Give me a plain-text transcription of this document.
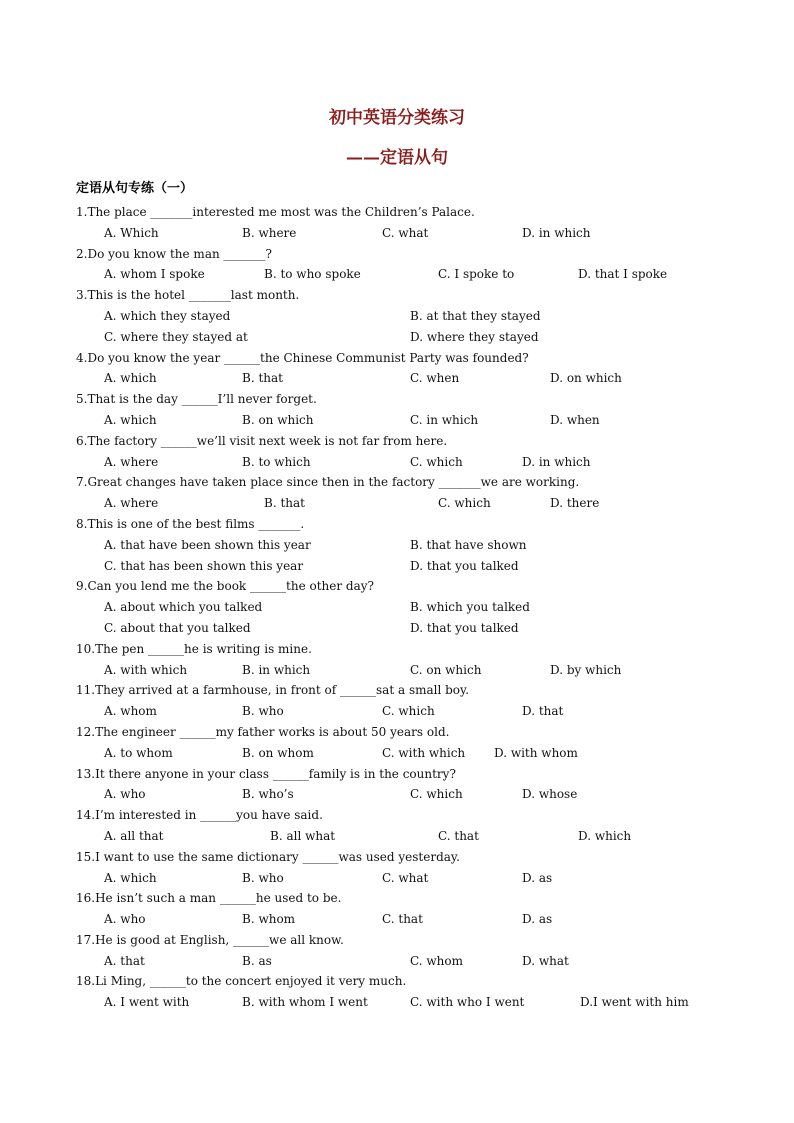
初中英语分类练习
——定语从句
定语从句专练（一）
1.The place _______interested me most was the Children’s Palace.
A. Which	B. where	C. what	D. in which
2.Do you know the man _______?
A. whom I spoke	B. to who spoke	C. I spoke to	D. that I spoke
3.This is the hotel _______last month.
A. which they stayed	B. at that they stayed
C. where they stayed at	D. where they stayed
4.Do you know the year ______the Chinese Communist Party was founded?
A. which	B. that	C. when	D. on which
5.That is the day ______I’ll never forget.
A. which	B. on which	C. in which	D. when
6.The factory ______we’ll visit next week is not far from here.
A. where	B. to which	C. which	D. in which
7.Great changes have taken place since then in the factory _______we are working.
A. where	B. that	C. which	D. there
8.This is one of the best films _______.
A. that have been shown this year	B. that have shown
C. that has been shown this year	D. that you talked
9.Can you lend me the book ______the other day?
A. about which you talked	B. which you talked
C. about that you talked	D. that you talked
10.The pen ______he is writing is mine.
A. with which	B. in which	C. on which	D. by which
11.They arrived at a farmhouse, in front of ______sat a small boy.
A. whom	B. who	C. which	D. that
12.The engineer ______my father works is about 50 years old.
A. to whom	B. on whom	C. with which D. with whom
13.It there anyone in your class ______family is in the country?
A. who	B. who’s	C. which	D. whose
14.I’m interested in ______you have said.
A. all that	B. all what	C. that	D. which
15.I want to use the same dictionary ______was used yesterday.
A. which	B. who	C. what	D. as
16.He isn’t such a man ______he used to be.
A. who	B. whom	C. that	D. as
17.He is good at English, ______we all know.
A. that	B. as	C. whom	D. what
18.Li Ming, ______to the concert enjoyed it very much.
A. I went with	B. with whom I went	C. with who I went	D.I went with him
